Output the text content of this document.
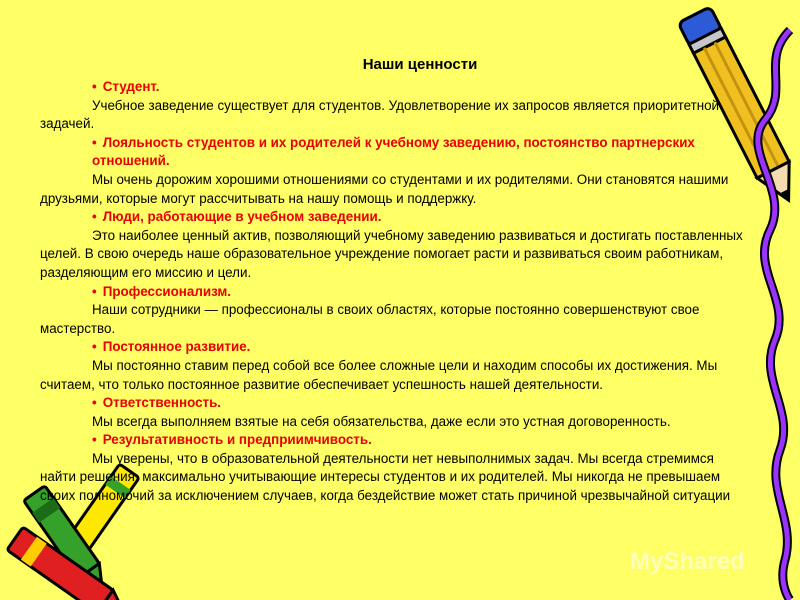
Наши ценности

• Студент.

Учебное заведение существует для студентов. Удовлетворение их запросов является приоритетной задачей.

• Лояльность студентов и их родителей к учебному заведению, постоянство партнерских отношений.

Мы очень дорожим хорошими отношениями со студентами и их родителями. Они становятся нашими друзьями, которые могут рассчитывать на нашу помощь и поддержку.

• Люди, работающие в учебном заведении.

Это наиболее ценный актив, позволяющий учебному заведению развиваться и достигать поставленных целей. В свою очередь наше образовательное учреждение помогает расти и развиваться своим работникам, разделяющим его миссию и цели.

• Профессионализм.

Наши сотрудники — профессионалы в своих областях, которые постоянно совершенствуют свое мастерство.

• Постоянное развитие.

Мы постоянно ставим перед собой все более сложные цели и находим способы их достижения. Мы считаем, что только постоянное развитие обеспечивает успешность нашей деятельности.

• Ответственность.

Мы всегда выполняем взятые на себя обязательства, даже если это устная договоренность.

• Результативность и предприимчивость.

Мы уверены, что в образовательной деятельности нет невыполнимых задач. Мы всегда стремимся найти решения, максимально учитывающие интересы студентов и их родителей. Мы никогда не превышаем своих полномочий за исключением случаев, когда бездействие может стать причиной чрезвычайной ситуации

MyShared
